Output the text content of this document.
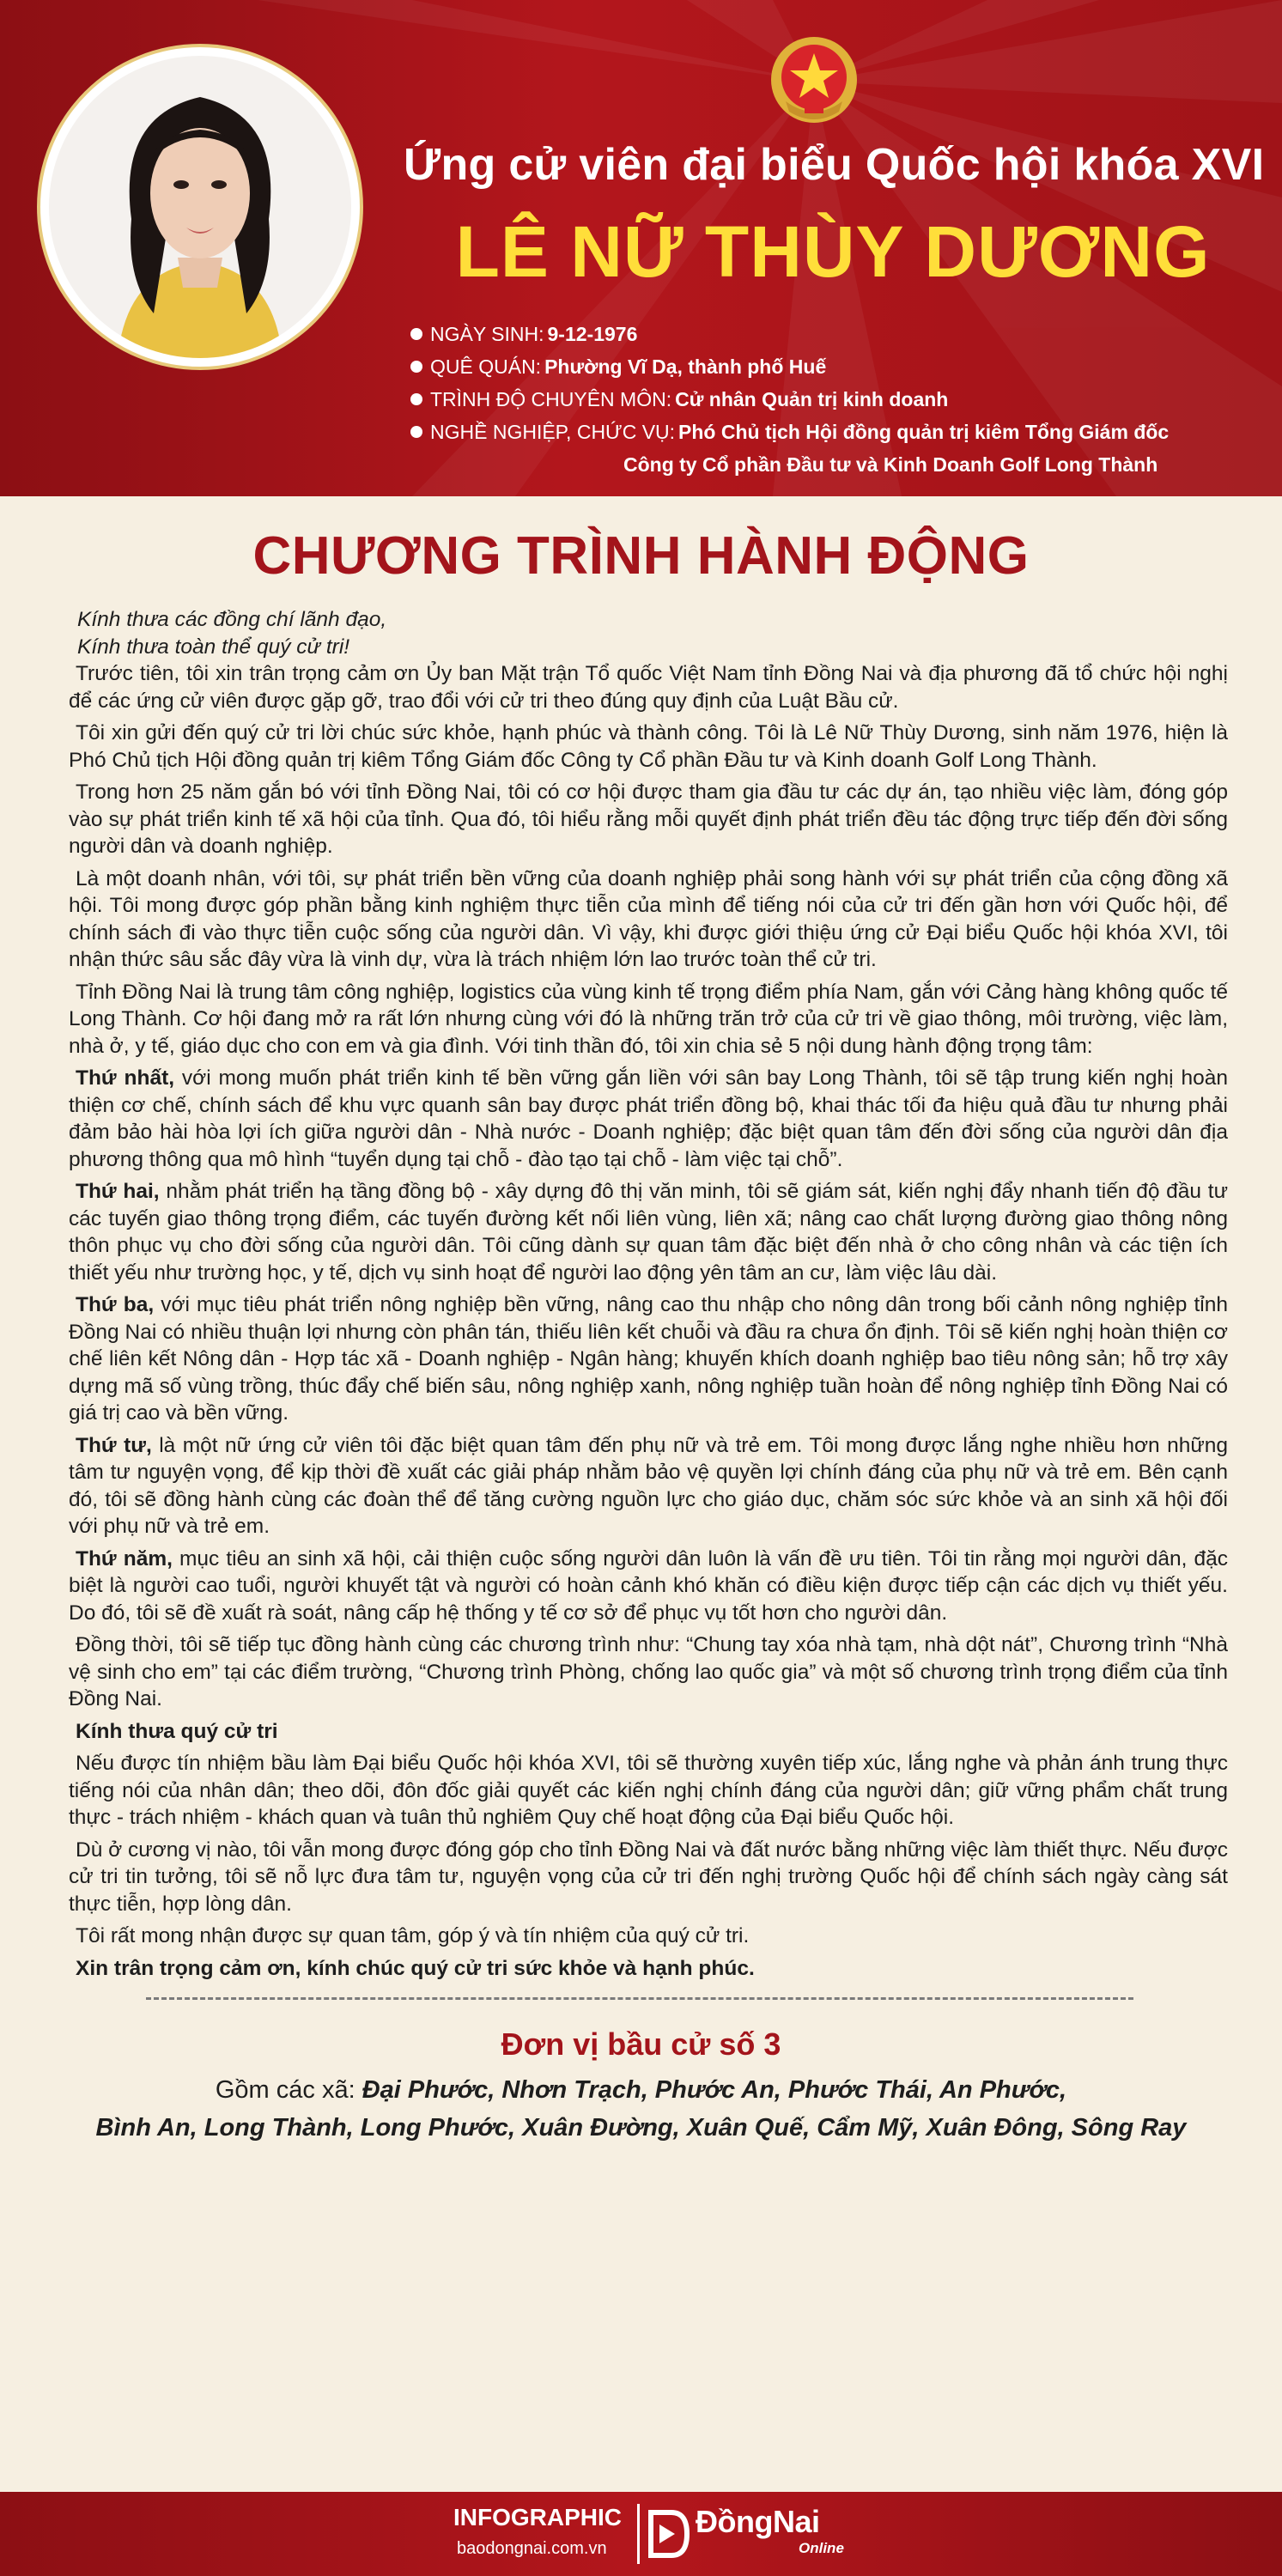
Ứng cử viên đại biểu Quốc hội khóa XVI
LÊ NỮ THÙY DƯƠNG
NGÀY SINH: 9-12-1976
QUÊ QUÁN: Phường Vĩ Dạ, thành phố Huế
TRÌNH ĐỘ CHUYÊN MÔN: Cử nhân Quản trị kinh doanh
NGHỀ NGHIỆP, CHỨC VỤ: Phó Chủ tịch Hội đồng quản trị kiêm Tổng Giám đốc
Công ty Cổ phần Đầu tư và Kinh Doanh Golf Long Thành
CHƯƠNG TRÌNH HÀNH ĐỘNG

Kính thưa các đồng chí lãnh đạo,

Kính thưa toàn thể quý cử tri!

Trước tiên, tôi xin trân trọng cảm ơn Ủy ban Mặt trận Tổ quốc Việt Nam tỉnh Đồng Nai và địa phương đã tổ chức hội nghị để các ứng cử viên được gặp gỡ, trao đổi với cử tri theo đúng quy định của Luật Bầu cử.

Tôi xin gửi đến quý cử tri lời chúc sức khỏe, hạnh phúc và thành công. Tôi là Lê Nữ Thùy Dương, sinh năm 1976, hiện là Phó Chủ tịch Hội đồng quản trị kiêm Tổng Giám đốc Công ty Cổ phần Đầu tư và Kinh doanh Golf Long Thành.

Trong hơn 25 năm gắn bó với tỉnh Đồng Nai, tôi có cơ hội được tham gia đầu tư các dự án, tạo nhiều việc làm, đóng góp vào sự phát triển kinh tế xã hội của tỉnh. Qua đó, tôi hiểu rằng mỗi quyết định phát triển đều tác động trực tiếp đến đời sống người dân và doanh nghiệp.

Là một doanh nhân, với tôi, sự phát triển bền vững của doanh nghiệp phải song hành với sự phát triển của cộng đồng xã hội. Tôi mong được góp phần bằng kinh nghiệm thực tiễn của mình để tiếng nói của cử tri đến gần hơn với Quốc hội, để chính sách đi vào thực tiễn cuộc sống của người dân. Vì vậy, khi được giới thiệu ứng cử Đại biểu Quốc hội khóa XVI, tôi nhận thức sâu sắc đây vừa là vinh dự, vừa là trách nhiệm lớn lao trước toàn thể cử tri.

Tỉnh Đồng Nai là trung tâm công nghiệp, logistics của vùng kinh tế trọng điểm phía Nam, gắn với Cảng hàng không quốc tế Long Thành. Cơ hội đang mở ra rất lớn nhưng cùng với đó là những trăn trở của cử tri về giao thông, môi trường, việc làm, nhà ở, y tế, giáo dục cho con em và gia đình. Với tinh thần đó, tôi xin chia sẻ 5 nội dung hành động trọng tâm:

Thứ nhất, với mong muốn phát triển kinh tế bền vững gắn liền với sân bay Long Thành, tôi sẽ tập trung kiến nghị hoàn thiện cơ chế, chính sách để khu vực quanh sân bay được phát triển đồng bộ, khai thác tối đa hiệu quả đầu tư nhưng phải đảm bảo hài hòa lợi ích giữa người dân - Nhà nước - Doanh nghiệp; đặc biệt quan tâm đến đời sống của người dân địa phương thông qua mô hình “tuyển dụng tại chỗ - đào tạo tại chỗ - làm việc tại chỗ”.

Thứ hai, nhằm phát triển hạ tầng đồng bộ - xây dựng đô thị văn minh, tôi sẽ giám sát, kiến nghị đẩy nhanh tiến độ đầu tư các tuyến giao thông trọng điểm, các tuyến đường kết nối liên vùng, liên xã; nâng cao chất lượng đường giao thông nông thôn phục vụ cho đời sống của người dân. Tôi cũng dành sự quan tâm đặc biệt đến nhà ở cho công nhân và các tiện ích thiết yếu như trường học, y tế, dịch vụ sinh hoạt để người lao động yên tâm an cư, làm việc lâu dài.

Thứ ba, với mục tiêu phát triển nông nghiệp bền vững, nâng cao thu nhập cho nông dân trong bối cảnh nông nghiệp tỉnh Đồng Nai có nhiều thuận lợi nhưng còn phân tán, thiếu liên kết chuỗi và đầu ra chưa ổn định. Tôi sẽ kiến nghị hoàn thiện cơ chế liên kết Nông dân - Hợp tác xã - Doanh nghiệp - Ngân hàng; khuyến khích doanh nghiệp bao tiêu nông sản; hỗ trợ xây dựng mã số vùng trồng, thúc đẩy chế biến sâu, nông nghiệp xanh, nông nghiệp tuần hoàn để nông nghiệp tỉnh Đồng Nai có giá trị cao và bền vững.

Thứ tư, là một nữ ứng cử viên tôi đặc biệt quan tâm đến phụ nữ và trẻ em. Tôi mong được lắng nghe nhiều hơn những tâm tư nguyện vọng, để kịp thời đề xuất các giải pháp nhằm bảo vệ quyền lợi chính đáng của phụ nữ và trẻ em. Bên cạnh đó, tôi sẽ đồng hành cùng các đoàn thể để tăng cường nguồn lực cho giáo dục, chăm sóc sức khỏe và an sinh xã hội đối với phụ nữ và trẻ em.

Thứ năm, mục tiêu an sinh xã hội, cải thiện cuộc sống người dân luôn là vấn đề ưu tiên. Tôi tin rằng mọi người dân, đặc biệt là người cao tuổi, người khuyết tật và người có hoàn cảnh khó khăn có điều kiện được tiếp cận các dịch vụ thiết yếu. Do đó, tôi sẽ đề xuất rà soát, nâng cấp hệ thống y tế cơ sở để phục vụ tốt hơn cho người dân.

Đồng thời, tôi sẽ tiếp tục đồng hành cùng các chương trình như: “Chung tay xóa nhà tạm, nhà dột nát”, Chương trình “Nhà vệ sinh cho em” tại các điểm trường, “Chương trình Phòng, chống lao quốc gia” và một số chương trình trọng điểm của tỉnh Đồng Nai.

Kính thưa quý cử tri

Nếu được tín nhiệm bầu làm Đại biểu Quốc hội khóa XVI, tôi sẽ thường xuyên tiếp xúc, lắng nghe và phản ánh trung thực tiếng nói của nhân dân; theo dõi, đôn đốc giải quyết các kiến nghị chính đáng của người dân; giữ vững phẩm chất trung thực - trách nhiệm - khách quan và tuân thủ nghiêm Quy chế hoạt động của Đại biểu Quốc hội.

Dù ở cương vị nào, tôi vẫn mong được đóng góp cho tỉnh Đồng Nai và đất nước bằng những việc làm thiết thực. Nếu được cử tri tin tưởng, tôi sẽ nỗ lực đưa tâm tư, nguyện vọng của cử tri đến nghị trường Quốc hội để chính sách ngày càng sát thực tiễn, hợp lòng dân.

Tôi rất mong nhận được sự quan tâm, góp ý và tín nhiệm của quý cử tri.

Xin trân trọng cảm ơn, kính chúc quý cử tri sức khỏe và hạnh phúc.

Đơn vị bầu cử số 3
Gồm các xã: Đại Phước, Nhơn Trạch, Phước An, Phước Thái, An Phước,
Bình An, Long Thành, Long Phước, Xuân Đường, Xuân Quế, Cẩm Mỹ, Xuân Đông, Sông Ray
INFOGRAPHIC
baodongnai.com.vn
ĐồngNai
Online
